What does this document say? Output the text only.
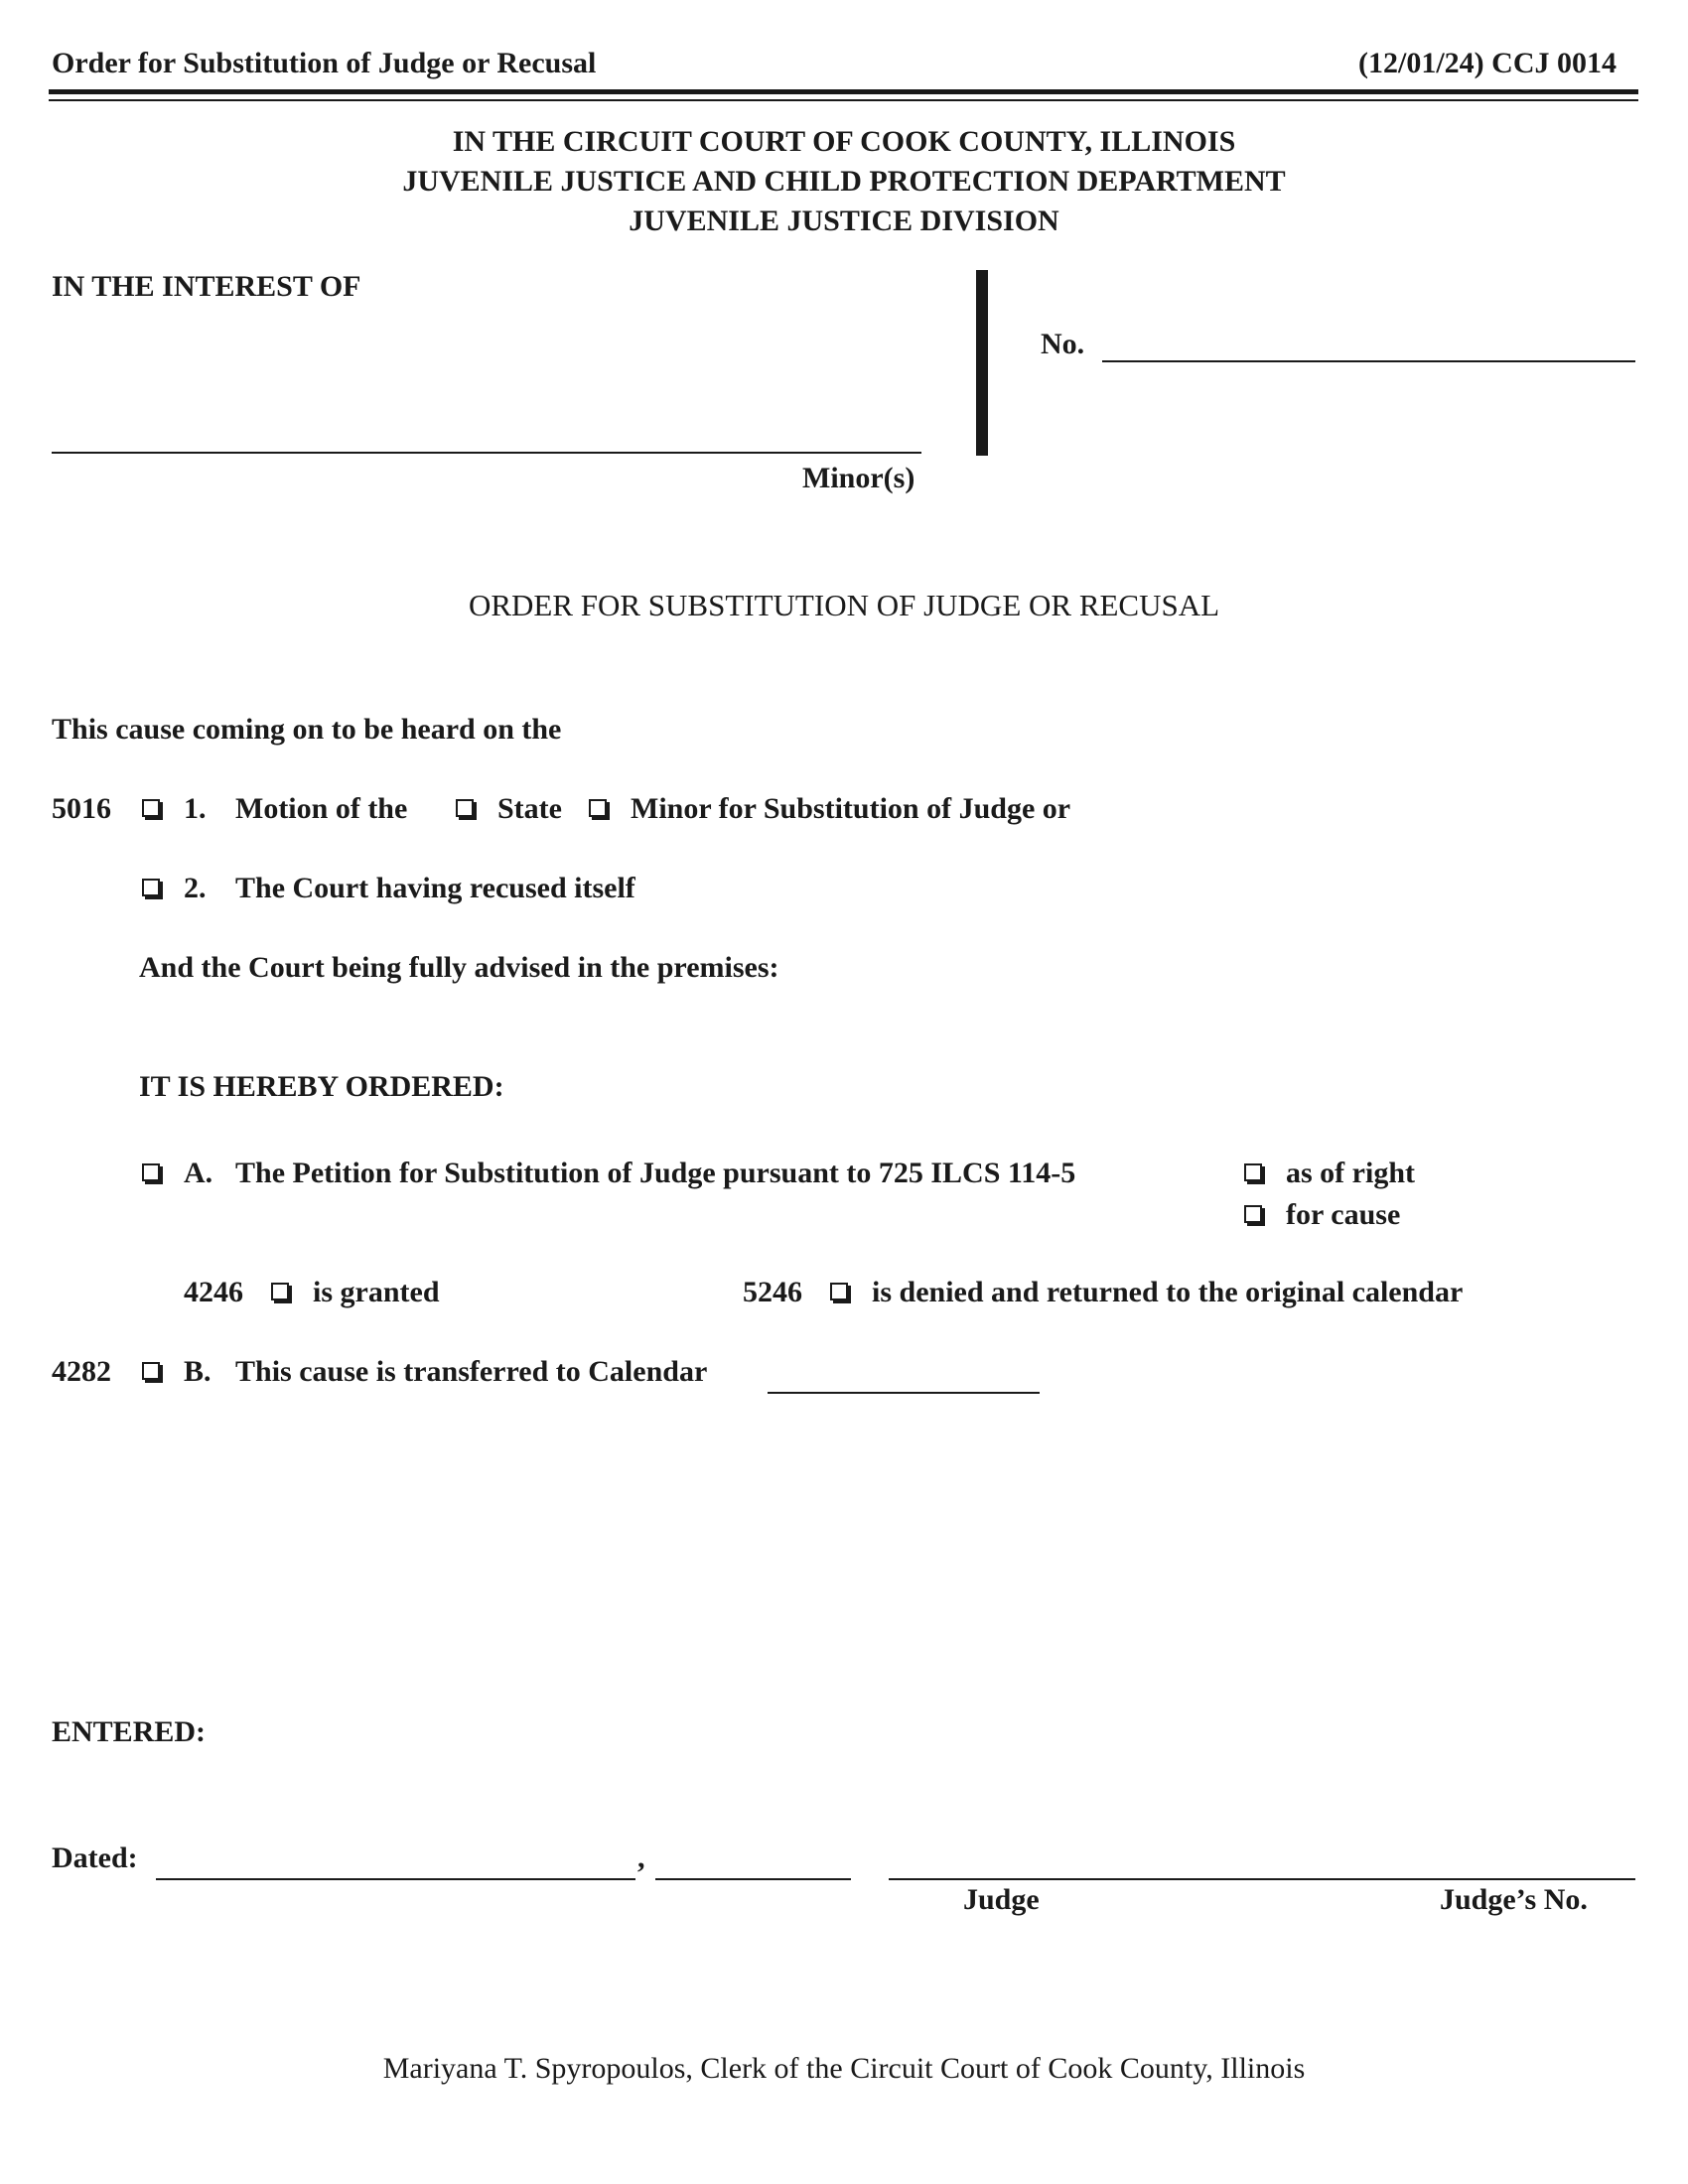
Order for Substitution of Judge or Recusal	(12/01/24) CCJ 0014
IN THE CIRCUIT COURT OF COOK COUNTY, ILLINOIS
JUVENILE JUSTICE AND CHILD PROTECTION DEPARTMENT
JUVENILE JUSTICE DIVISION
IN THE INTEREST OF
Minor(s)
No.
ORDER FOR SUBSTITUTION OF JUDGE OR RECUSAL
This cause coming on to be heard on the
5016 1. Motion of the	State Minor for Substitution of Judge or
2. The Court having recused itself
And the Court being fully advised in the premises:
IT IS HEREBY ORDERED:
A. The Petition for Substitution of Judge pursuant to 725 ILCS 114-5	as of right
for cause
4246 is granted	5246 is denied and returned to the original calendar
4282 B. This cause is transferred to Calendar
ENTERED:
Dated:	,
Judge	Judge’s No.
Mariyana T. Spyropoulos, Clerk of the Circuit Court of Cook County, Illinois
